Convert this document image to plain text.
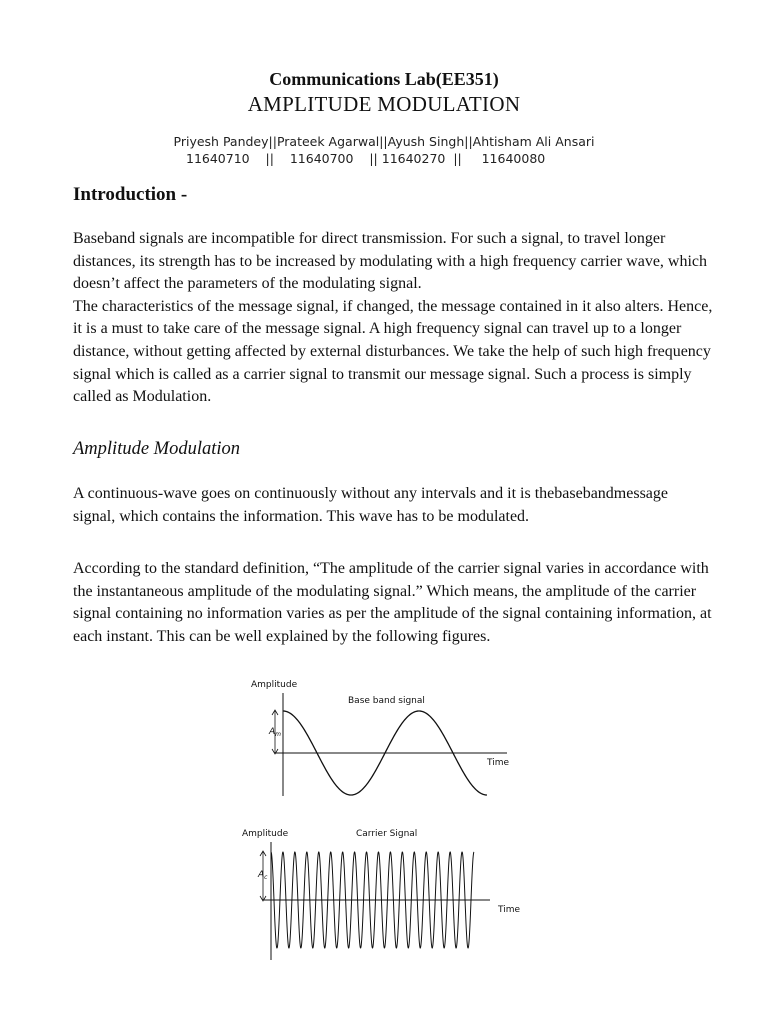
Communications Lab(EE351)
AMPLITUDE MODULATION
Priyesh Pandey||Prateek Agarwal||Ayush Singh||Ahtisham Ali Ansari
11640710    ||    11640700    || 11640270  ||     11640080
Introduction -
Baseband signals are incompatible for direct transmission. For such a signal, to travel longer distances, its strength has to be increased by modulating with a high frequency carrier wave, which doesn’t affect the parameters of the modulating signal.
The characteristics of the message signal, if changed, the message contained in it also alters. Hence, it is a must to take care of the message signal. A high frequency signal can travel up to a longer distance, without getting affected by external disturbances. We take the help of such high frequency signal which is called as a carrier signal to transmit our message signal. Such a process is simply called as Modulation.
Amplitude Modulation
A continuous-wave goes on continuously without any intervals and it is thebasebandmessage signal, which contains the information. This wave has to be modulated.
According to the standard definition, “The amplitude of the carrier signal varies in accordance with the instantaneous amplitude of the modulating signal.” Which means, the amplitude of the carrier signal containing no information varies as per the amplitude of the signal containing information, at each instant. This can be well explained by the following figures.
Amplitude
Base band signal
Time
$A_m$
Amplitude	Carrier Signal
Time
$A_c$
